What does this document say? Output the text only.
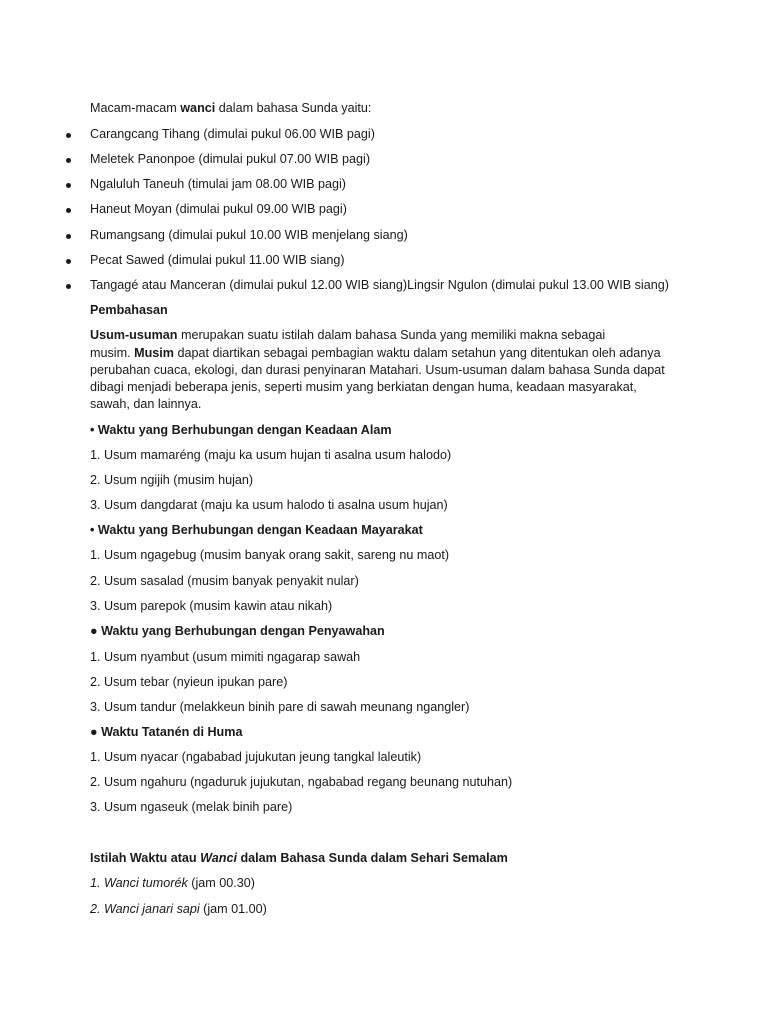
Macam-macam wanci dalam bahasa Sunda yaitu:
Carangcang Tihang (dimulai pukul 06.00 WIB pagi)
Meletek Panonpoe (dimulai pukul 07.00 WIB pagi)
Ngaluluh Taneuh (timulai jam 08.00 WIB pagi)
Haneut Moyan (dimulai pukul 09.00 WIB pagi)
Rumangsang (dimulai pukul 10.00 WIB menjelang siang)
Pecat Sawed (dimulai pukul 11.00 WIB siang)
Tangagé atau Manceran (dimulai pukul 12.00 WIB siang)Lingsir Ngulon (dimulai pukul 13.00 WIB siang)
Pembahasan
Usum-usuman merupakan suatu istilah dalam bahasa Sunda yang memiliki makna sebagai
musim. Musim dapat diartikan sebagai pembagian waktu dalam setahun yang ditentukan oleh adanya
perubahan cuaca, ekologi, dan durasi penyinaran Matahari. Usum-usuman dalam bahasa Sunda dapat
dibagi menjadi beberapa jenis, seperti musim yang berkiatan dengan huma, keadaan masyarakat,
sawah, dan lainnya.
• Waktu yang Berhubungan dengan Keadaan Alam
1. Usum mamaréng (maju ka usum hujan ti asalna usum halodo)
2. Usum ngijih (musim hujan)
3. Usum dangdarat (maju ka usum halodo ti asalna usum hujan)
• Waktu yang Berhubungan dengan Keadaan Mayarakat
1. Usum ngagebug (musim banyak orang sakit, sareng nu maot)
2. Usum sasalad (musim banyak penyakit nular)
3. Usum parepok (musim kawin atau nikah)
● Waktu yang Berhubungan dengan Penyawahan
1. Usum nyambut (usum mimiti ngagarap sawah
2. Usum tebar (nyieun ipukan pare)
3. Usum tandur (melakkeun binih pare di sawah meunang ngangler)
● Waktu Tatanén di Huma
1. Usum nyacar (ngababad jujukutan jeung tangkal laleutik)
2. Usum ngahuru (ngaduruk jujukutan, ngababad regang beunang nutuhan)
3. Usum ngaseuk (melak binih pare)
Istilah Waktu atau Wanci dalam Bahasa Sunda dalam Sehari Semalam
1. Wanci tumorék (jam 00.30)
2. Wanci janari sapi (jam 01.00)
